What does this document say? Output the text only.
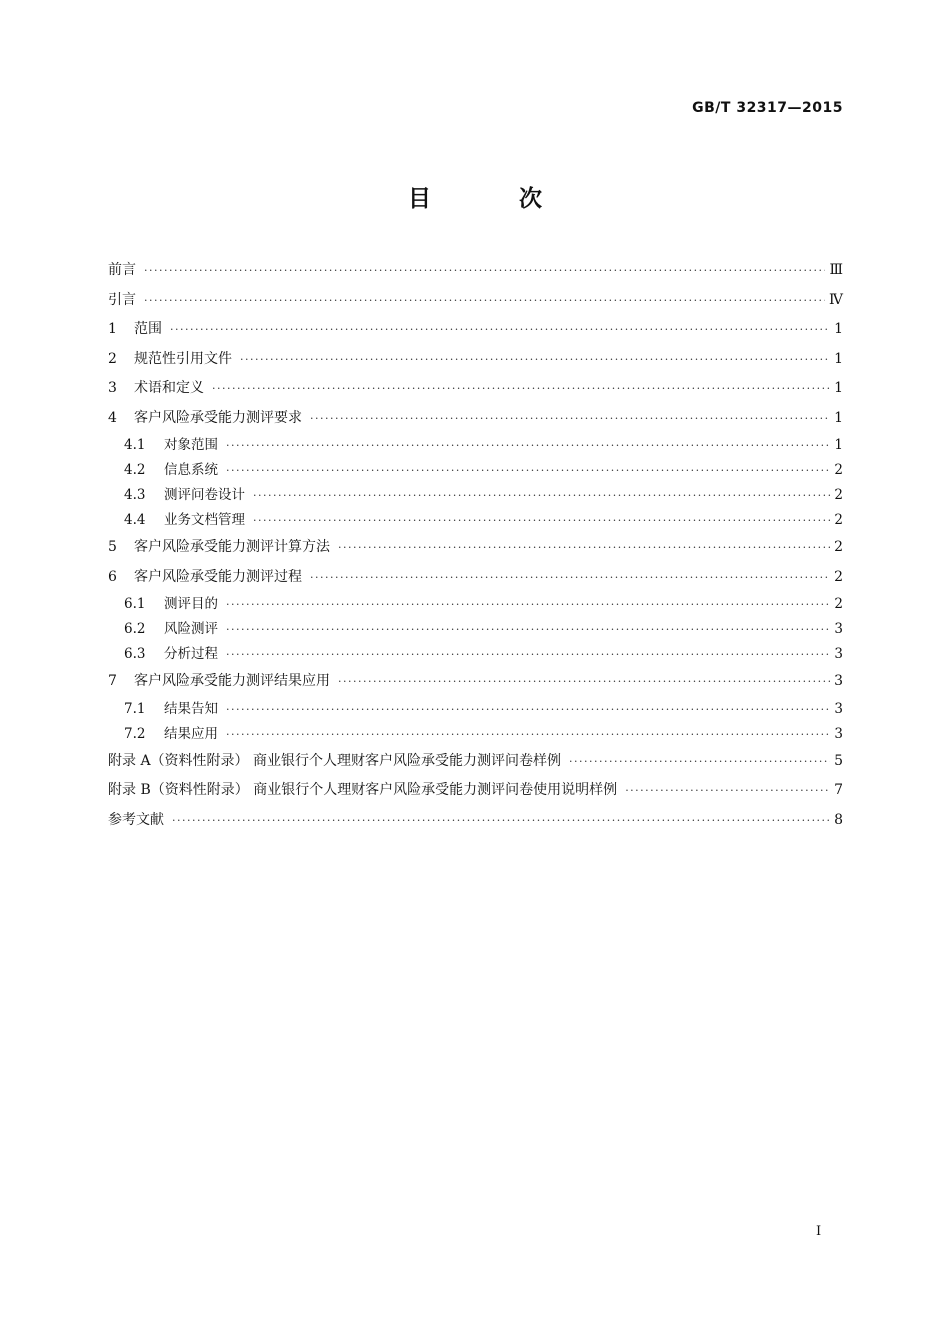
GB/T 32317—2015
目 次
前言 ·····	Ⅲ
引言 ·····	Ⅳ
1	范围 ·····	1
2	规范性引用文件 ·····	1
3	术语和定义 ·····	1
4	客户风险承受能力测评要求 ·····	1
4.1	对象范围 ·····	1
4.2	信息系统 ·····	2
4.3	测评问卷设计 ·····	2
4.4	业务文档管理 ·····	2
5	客户风险承受能力测评计算方法 ·····	2
6	客户风险承受能力测评过程 ·····	2
6.1	测评目的 ·····	2
6.2	风险测评 ·····	3
6.3	分析过程 ·····	3
7	客户风险承受能力测评结果应用 ·····	3
7.1	结果告知 ·····	3
7.2	结果应用 ·····	3
附录 A（资料性附录） 商业银行个人理财客户风险承受能力测评问卷样例 ·····	5
附录 B（资料性附录） 商业银行个人理财客户风险承受能力测评问卷使用说明样例 ·····	7
参考文献 ·····	8
I
